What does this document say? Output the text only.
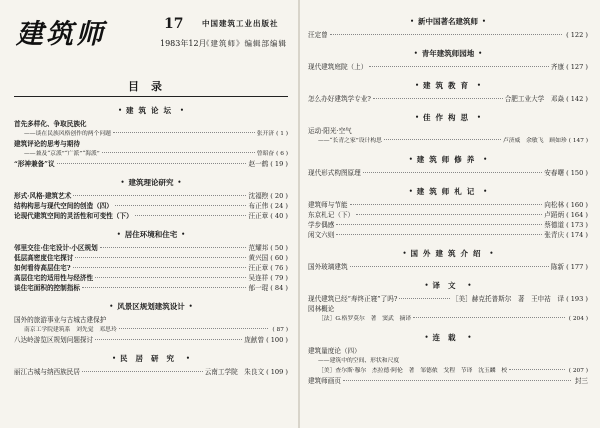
建筑师	17
1983年12月
中国建筑工业出版社
《建筑师》编辑部编辑
目录
• 建筑论坛 •
首先多样化、争取民族化
——谈在民族风格创作的两个问题	张开济 ( 1 )
建筑评论的思考与期待
——兼及“京派”“广派”“海派”	曾昭奋 ( 6 )
“形神兼备”议	赵一鹤 ( 19 )
• 建筑理论研究 •
形式·风格·建筑艺术	沈福煦 ( 20 )
结构构思与现代空间的创造（四）	布正伟 ( 24 )
论现代建筑空间的灵活性和可变性（下）	汪正章 ( 40 )
• 居住环境和住宅 •
邻里交往·住宅设计·小区规划	范耀邦 ( 50 )
低层高密度住宅探讨	黄兴国 ( 60 )
如何看待高层住宅?	汪正章 ( 76 )
高层住宅的适用性与经济性	吴连祥 ( 79 )
谈住宅面积的控制指标	郁一琨 ( 84 )
• 风景区规划建筑设计 •
国外的旅游事业与古城古建保护
南京工学院建筑系　刘先觉　邓思玲	( 87 )
八达岭游览区规划问题探讨	庞献曾 ( 100 )
• 民居研究 •
丽江古城与纳西族民居	云南工学院　朱良文 ( 109 )
• 新中国著名建筑师 •
汪定曾	( 122 )
• 青年建筑师园地 •
现代建筑庭院（上）	齐康 ( 127 )
• 建筑教育 •
怎么办好建筑学专业?	合肥工业大学　邓焱 ( 142 )
• 佳作构思 •
运动·阳光·空气
——“长青之家”设计构思	卢济威　余敏飞　顾如珍 ( 147 )
• 建筑师修养 •
现代形式构图原理	安春曙 ( 150 )
• 建筑师札记 •
建筑师与节能	向松林 ( 160 )
东京札记（下）	卢蹈炳 ( 164 )
学步偶感	蔡德道 ( 173 )
闲文六则	张青庆 ( 174 )
• 国外建筑介绍 •
国外玻璃建筑	陈新 ( 177 )
• 译文 •
现代建筑已经“寿终正寝”了吗?	［美］赫克托普斯尔　著　王申祜　译 ( 193 )
园林概论
［法］G.格罗莫尔　著　窦武　摘译	( 204 )
• 连载 •
建筑量度论（四）
——建筑中的空间、形状和尺度
［美］查尔斯·穆尔　杰拉德·阿伦　著　邹德侬　戈程　节译　沈玉麟　校	( 207 )
建筑师画页	封三
